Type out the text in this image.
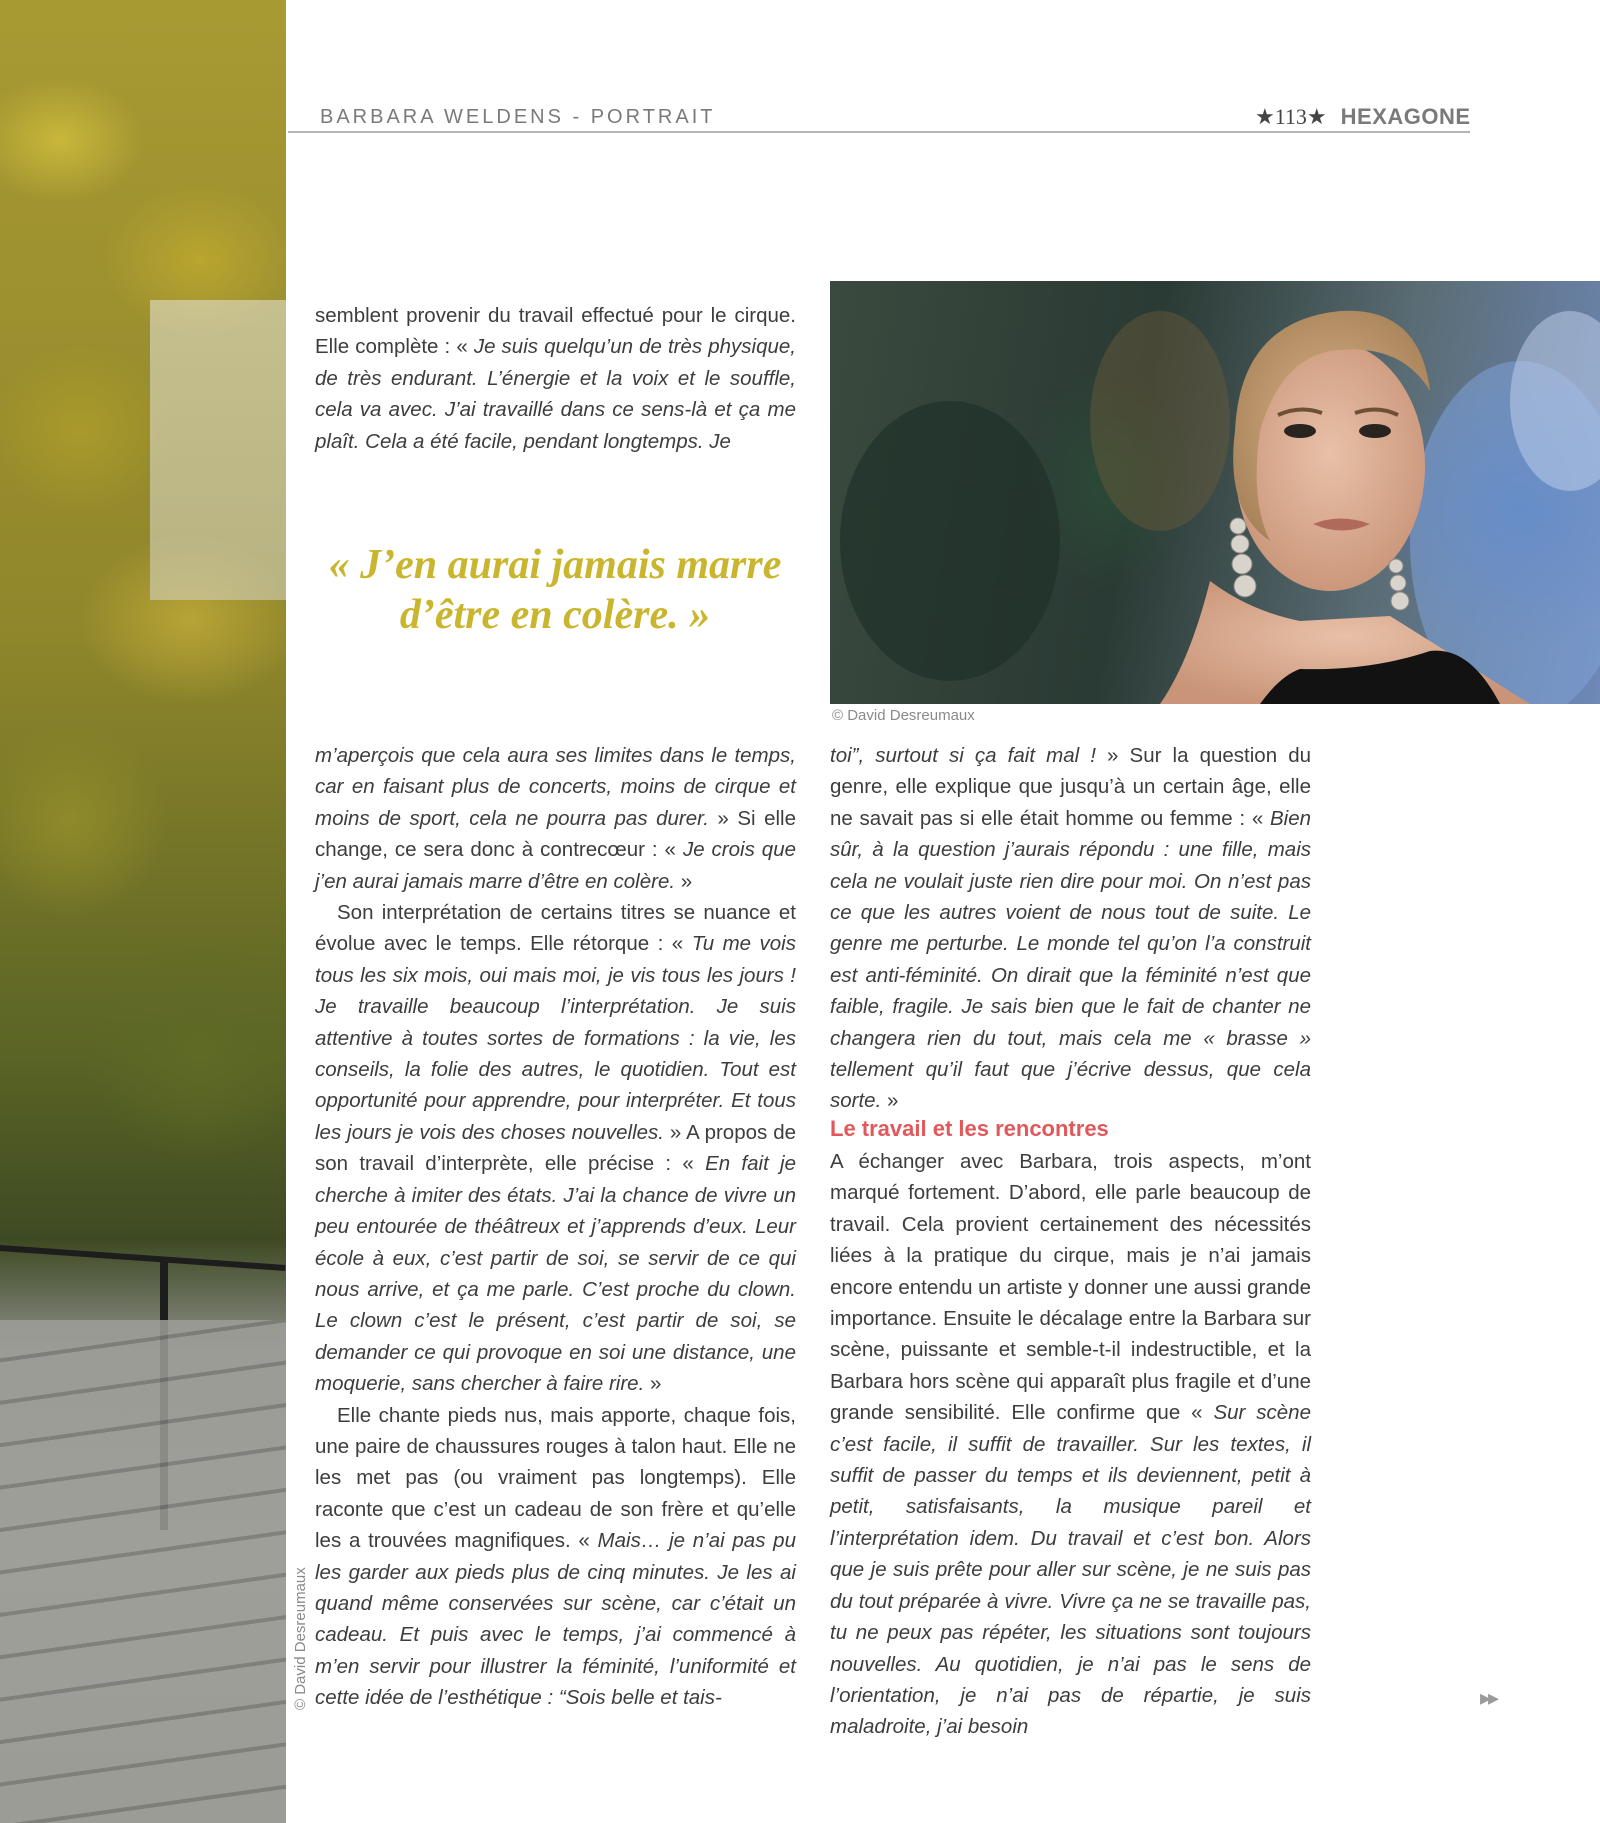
© David Desreumaux
BARBARA WELDENS - PORTRAIT	★113★ HEXAGONE

semblent provenir du travail effectué pour le cirque. Elle complète : « Je suis quelqu’un de très physique, de très endurant. L’énergie et la voix et le souffle, cela va avec. J’ai travaillé dans ce sens-là et ça me plaît. Cela a été facile, pendant longtemps. Je

« J’en aurai jamais marre d’être en colère. »

m’aperçois que cela aura ses limites dans le temps, car en faisant plus de concerts, moins de cirque et moins de sport, cela ne pourra pas durer. » Si elle change, ce sera donc à contrecœur : « Je crois que j’en aurai jamais marre d’être en colère. »

Son interprétation de certains titres se nuance et évolue avec le temps. Elle rétorque : « Tu me vois tous les six mois, oui mais moi, je vis tous les jours ! Je travaille beaucoup l’interprétation. Je suis attentive à toutes sortes de formations : la vie, les conseils, la folie des autres, le quotidien. Tout est opportunité pour apprendre, pour interpréter. Et tous les jours je vois des choses nouvelles. » A propos de son travail d’interprète, elle précise : « En fait je cherche à imiter des états. J’ai la chance de vivre un peu entourée de théâtreux et j’apprends d’eux. Leur école à eux, c’est partir de soi, se servir de ce qui nous arrive, et ça me parle. C’est proche du clown. Le clown c’est le présent, c’est partir de soi, se demander ce qui provoque en soi une distance, une moquerie, sans chercher à faire rire. »

Elle chante pieds nus, mais apporte, chaque fois, une paire de chaussures rouges à talon haut. Elle ne les met pas (ou vraiment pas longtemps). Elle raconte que c’est un cadeau de son frère et qu’elle les a trouvées magnifiques. « Mais… je n’ai pas pu les garder aux pieds plus de cinq minutes. Je les ai quand même conservées sur scène, car c’était un cadeau. Et puis avec le temps, j’ai commencé à m’en servir pour illustrer la féminité, l’uniformité et cette idée de l’esthétique : “Sois belle et tais-

© David Desreumaux

toi”, surtout si ça fait mal ! » Sur la question du genre, elle explique que jusqu’à un certain âge, elle ne savait pas si elle était homme ou femme : « Bien sûr, à la question j’aurais répondu : une fille, mais cela ne voulait juste rien dire pour moi. On n’est pas ce que les autres voient de nous tout de suite. Le genre me perturbe. Le monde tel qu’on l’a construit est anti-féminité. On dirait que la féminité n’est que faible, fragile. Je sais bien que le fait de chanter ne changera rien du tout, mais cela me « brasse » tellement qu’il faut que j’écrive dessus, que cela sorte. »

Le travail et les rencontres

A échanger avec Barbara, trois aspects, m’ont marqué fortement. D’abord, elle parle beaucoup de travail. Cela provient certainement des nécessités liées à la pratique du cirque, mais je n’ai jamais encore entendu un artiste y donner une aussi grande importance. Ensuite le décalage entre la Barbara sur scène, puissante et semble-t-il indestructible, et la Barbara hors scène qui apparaît plus fragile et d’une grande sensibilité. Elle confirme que « Sur scène c’est facile, il suffit de travailler. Sur les textes, il suffit de passer du temps et ils deviennent, petit à petit, satisfaisants, la musique pareil et l’interprétation idem. Du travail et c’est bon. Alors que je suis prête pour aller sur scène, je ne suis pas du tout préparée à vivre. Vivre ça ne se travaille pas, tu ne peux pas répéter, les situations sont toujours nouvelles. Au quotidien, je n’ai pas le sens de l’orientation, je n’ai pas de répartie, je suis maladroite, j’ai besoin

▸▸
